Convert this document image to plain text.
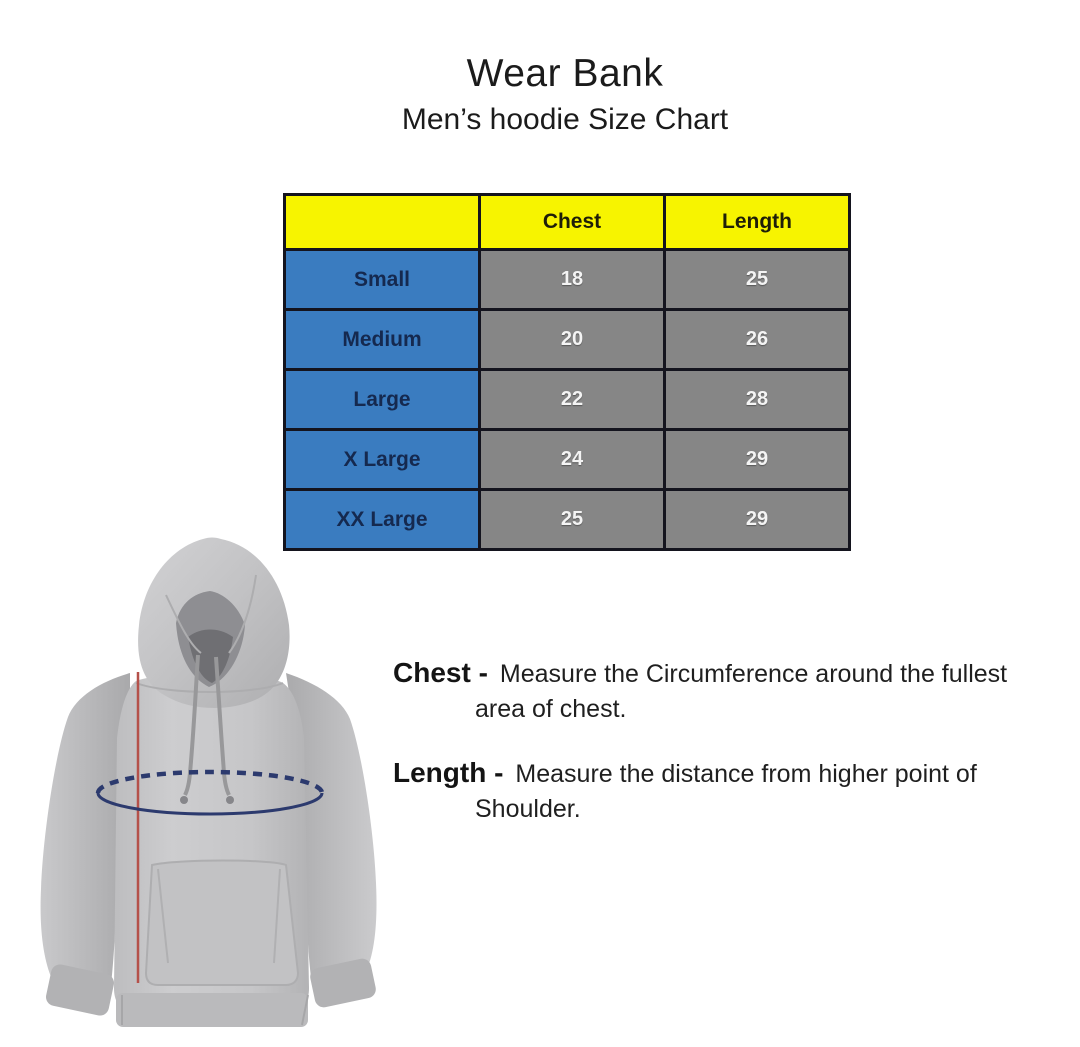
Wear Bank
Men’s hoodie Size Chart
	Chest	Length
Small	18	25
Medium	20	26
Large	22	28
X Large	24	29
XX Large	25	29
Chest - Measure the Circumference around the fullest
area of chest.
Length - Measure the distance from higher point of
Shoulder.
